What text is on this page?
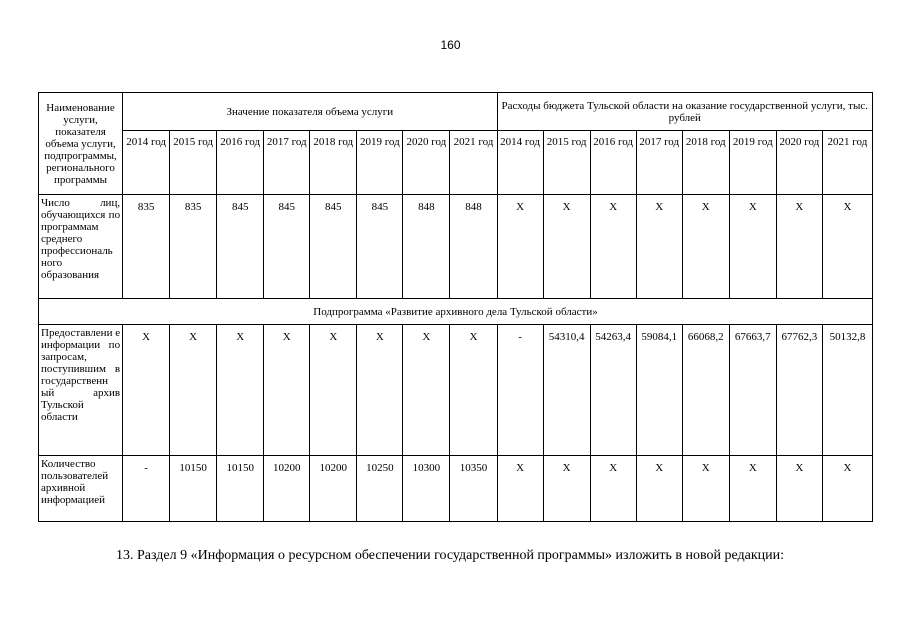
160
Наименование услуги, показателя объема услуги, подпрограммы, регионального программы	Значение показателя объема услуги								Расходы бюджета Тульской области на оказание государственной услуги, тыс. рублей							
	2014 год	2015 год	2016 год	2017 год	2018 год	2019 год	2020 год	2021 год	2014 год	2015 год	2016 год	2017 год	2018 год	2019 год	2020 год	2021 год
Число лиц, обучающихся по программам среднего профессиональ ного образования	835	835	845	845	845	845	848	848	Х	Х	Х	Х	Х	Х	Х	Х
Подпрограмма «Развитие архивного дела Тульской области»																
Предоставлени е информации по запросам, поступившим в государственн ый архив Тульской области	Х	Х	Х	Х	Х	Х	Х	Х	-	54310,4	54263,4	59084,1	66068,2	67663,7	67762,3	50132,8
Количество пользователей архивной информацией	-	10150	10150	10200	10200	10250	10300	10350	Х	Х	Х	Х	Х	Х	Х	Х
13. Раздел 9 «Информация о ресурсном обеспечении государственной программы» изложить в новой редакции:
